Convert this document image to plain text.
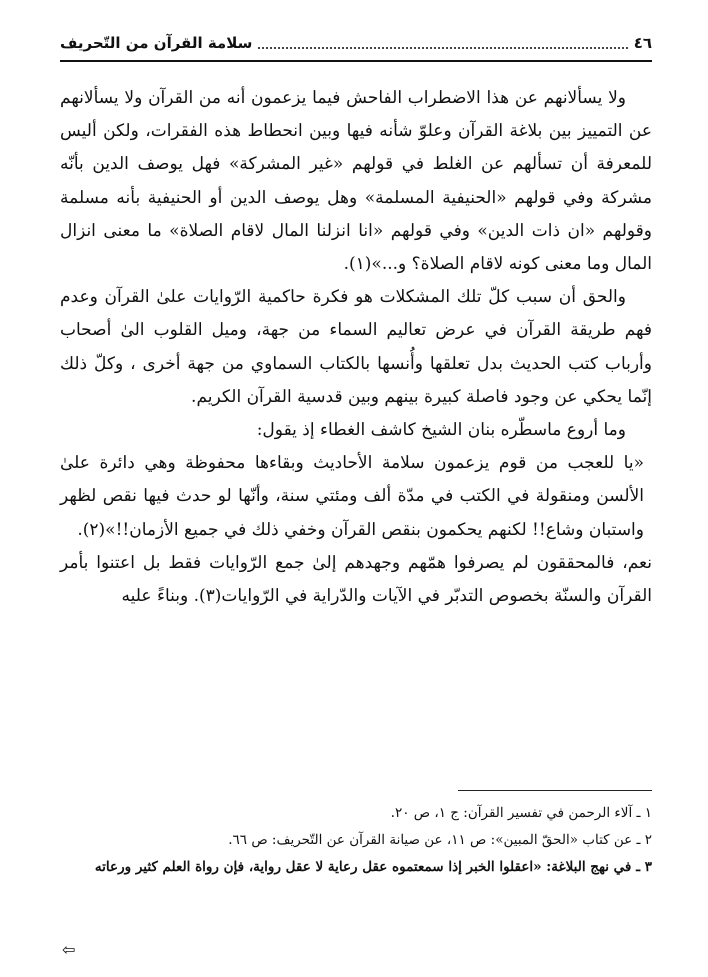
٤٦
سلامة القرآن من التّحريف

ولا يسألانهم عن هذا الاضطراب الفاحش فيما يزعمون أنه من القرآن ولا يسألانهم عن التمييز بين بلاغة القرآن وعلوّ شأنه فيها وبين انحطاط هذه الفقرات، ولكن أليس للمعرفة أن تسألهم عن الغلط في قولهم «غير المشركة» فهل يوصف الدين بأنّه مشركة وفي قولهم «الحنيفية المسلمة» وهل يوصف الدين أو الحنيفية بأنه مسلمة وقولهم «ان ذات الدين» وفي قولهم «انا انزلنا المال لاقام الصلاة» ما معنى انزال المال وما معنى كونه لاقام الصلاة؟ و...»(١).

والحق أن سبب كلّ تلك المشكلات هو فكرة حاكمية الرّوايات علىٰ القرآن وعدم فهم طريقة القرآن في عرض تعاليم السماء من جهة، وميل القلوب الىٰ أصحاب وأرباب كتب الحديث بدل تعلقها وأُنسها بالكتاب السماوي من جهة أخرى ، وكلّ ذلك إنّما يحكي عن وجود فاصلة كبيرة بينهم وبين قدسية القرآن الكريم.

وما أروع ماسطّره بنان الشيخ كاشف الغطاء إذ يقول:

«يا للعجب من قوم يزعمون سلامة الأحاديث وبقاءها محفوظة وهي دائرة علىٰ الألسن ومنقولة في الكتب في مدّة ألف ومئتي سنة، وأنّها لو حدث فيها نقص لظهر واستبان وشاع!! لكنهم يحكمون بنقص القرآن وخفي ذلك في جميع الأزمان!!»(٢).

نعم، فالمحققون لم يصرفوا همّهم وجهدهم إلىٰ جمع الرّوايات فقط بل اعتنوا بأمر القرآن والسنّة بخصوص التدبّر في الآيات والدّراية في الرّوايات(٣). وبناءً عليه

١ ـ آلاء الرحمن في تفسير القرآن: ج ١، ص ٢٠.

٢ ـ عن كتاب «الحقّ المبين»: ص ١١، عن صيانة القرآن عن التّحريف: ص ٦٦.

٣ ـ في نهج البلاغة: «اعقلوا الخبر إذا سمعتموه عقل رعاية لا عقل رواية، فإن رواة العلم كثير ورعاته

⇦
